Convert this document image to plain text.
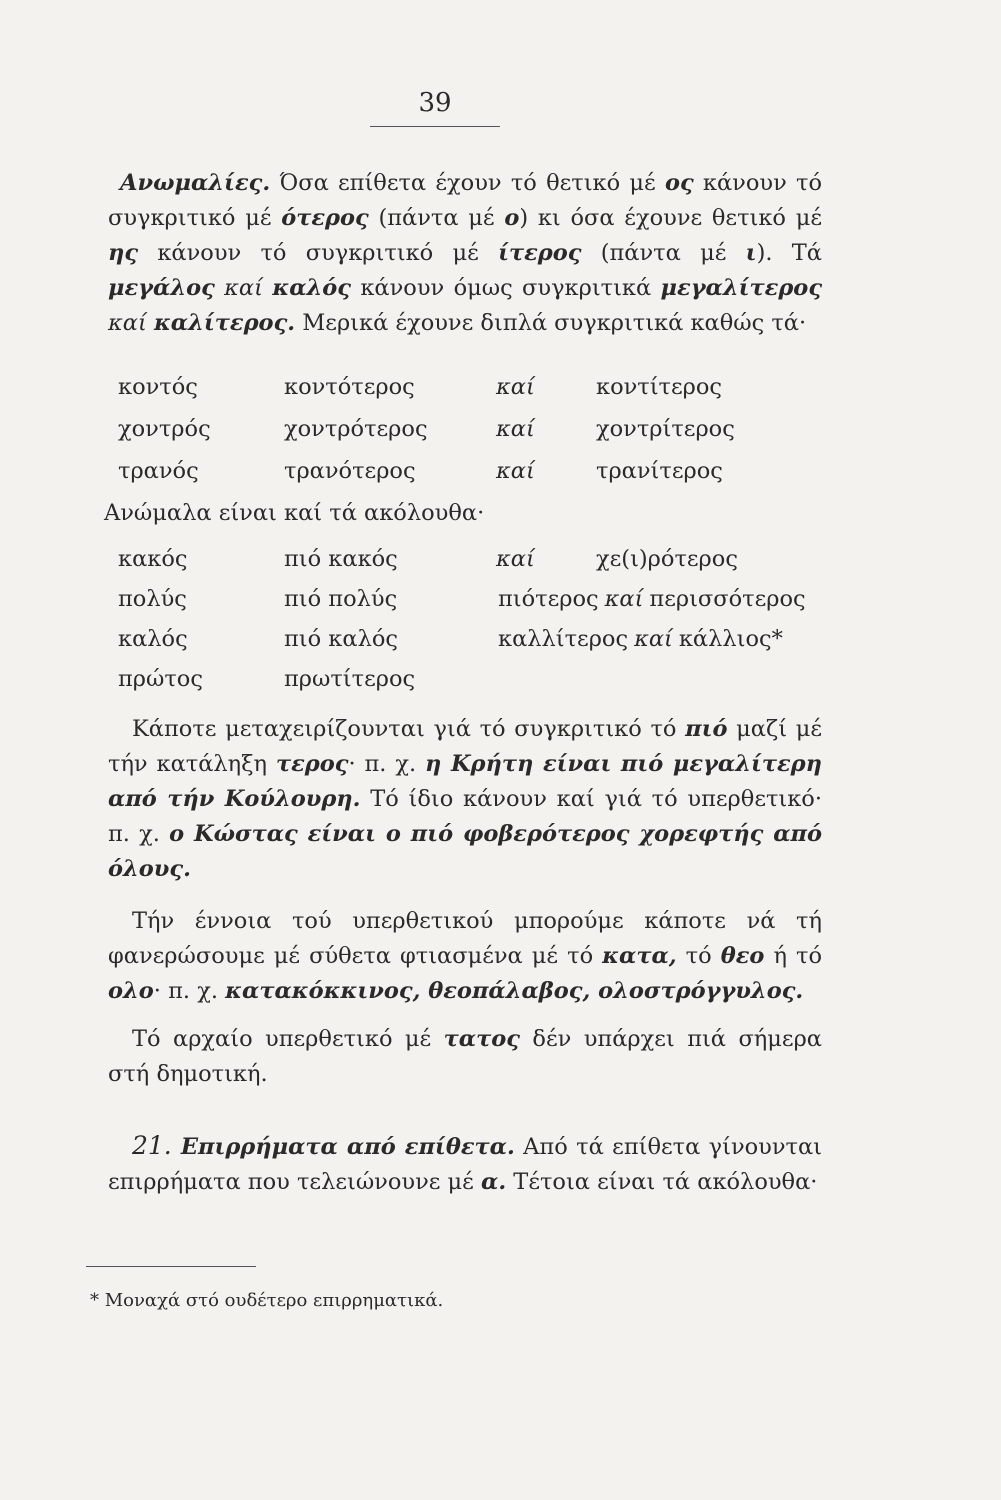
39

Ανωμαλίες. Όσα επίθετα έχουν τό θετικό μέ ος κάνουν τό συγκριτικό μέ ότερος (πάντα μέ ο) κι όσα έχουνε θετικό μέ ης κάνουν τό συγκριτικό μέ ίτερος (πάντα μέ ι). Τά μεγάλος καί καλός κάνουν όμως συγκριτικά μεγαλίτερος καί καλίτερος. Μερικά έχουνε διπλά συγκριτικά καθώς τά·

κοντός	κοντότερος	καί	κοντίτερος
χοντρός	χοντρότερος	καί	χοντρίτερος
τρανός	τρανότερος	καί	τρανίτερος
Ανώμαλα είναι καί τά ακόλουθα·
κακός	πιό κακός	καί	χε(ι)ρότερος
πολύς	πιό πολύς	πιότερος καί περισσότερος
καλός	πιό καλός	καλλίτερος καί κάλλιος*
πρώτος	πρωτίτερος

Κάποτε μεταχειρίζουνται γιά τό συγκριτικό τό πιό μαζί μέ τήν κατάληξη τερος· π. χ. η Κρήτη είναι πιό μεγαλίτερη από τήν Κούλουρη. Τό ίδιο κάνουν καί γιά τό υπερθετικό· π. χ. ο Κώστας είναι ο πιό φοβερότερος χορεφτής από όλους.

Τήν έννοια τού υπερθετικού μπορούμε κάποτε νά τή φανερώσουμε μέ σύθετα φτιασμένα μέ τό κατα, τό θεο ή τό ολο· π. χ. κατακόκκινος, θεοπάλαβος, ολοστρόγγυλος.

Τό αρχαίο υπερθετικό μέ τατος δέν υπάρχει πιά σήμερα στή δημοτική.

21. Επιρρήματα από επίθετα. Από τά επίθετα γίνουνται επιρρήματα που τελειώνουνε μέ α. Τέτοια είναι τά ακόλουθα·

* Μοναχά στό ουδέτερο επιρρηματικά.
